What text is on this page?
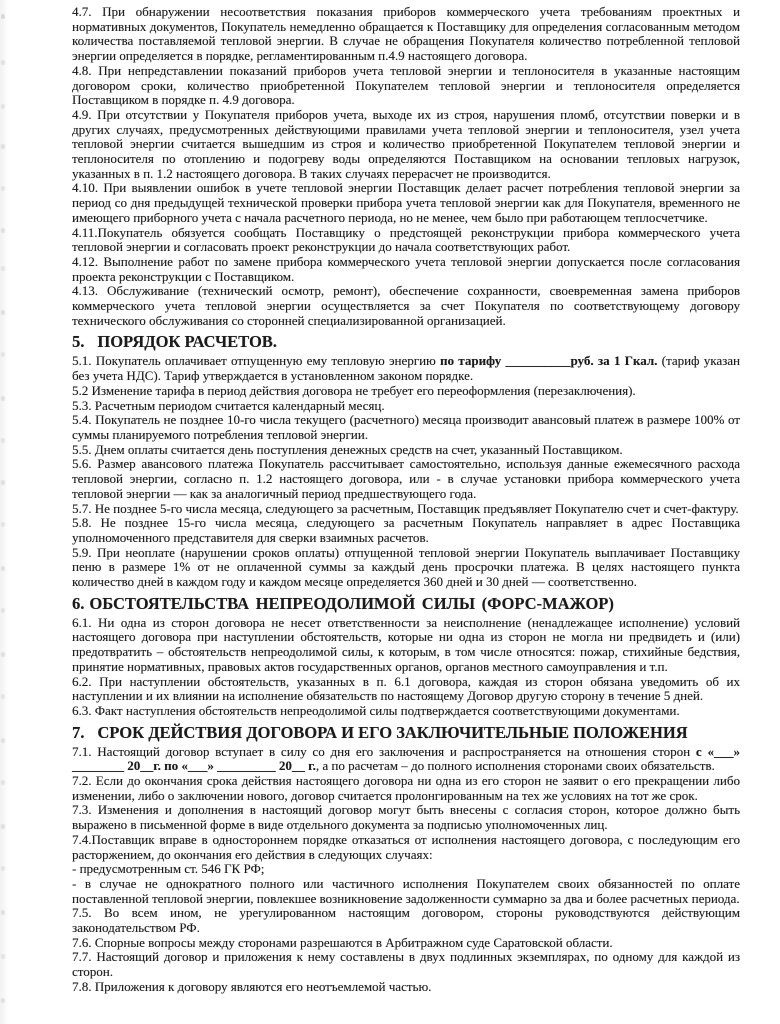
4.7. При обнаружении несоответствия показания приборов коммерческого учета требованиям проектных и нормативных документов, Покупатель немедленно обращается к Поставщику для определения согласованным методом количества поставляемой тепловой энергии. В случае не обращения Покупателя количество потребленной тепловой энергии определяется в порядке, регламентированным п.4.9 настоящего договора.

4.8. При непредставлении показаний приборов учета тепловой энергии и теплоносителя в указанные настоящим договором сроки, количество приобретенной Покупателем тепловой энергии и теплоносителя определяется Поставщиком в порядке п. 4.9 договора.

4.9. При отсутствии у Покупателя приборов учета, выходе их из строя, нарушения пломб, отсутствии поверки и в других случаях, предусмотренных действующими правилами учета тепловой энергии и теплоносителя, узел учета тепловой энергии считается вышедшим из строя и количество приобретенной Покупателем тепловой энергии и теплоносителя по отоплению и подогреву воды определяются Поставщиком на основании тепловых нагрузок, указанных в п. 1.2 настоящего договора. В таких случаях перерасчет не производится.

4.10. При выявлении ошибок в учете тепловой энергии Поставщик делает расчет потребления тепловой энергии за период со дня предыдущей технической проверки прибора учета тепловой энергии как для Покупателя, временного не имеющего приборного учета с начала расчетного периода, но не менее, чем было при работающем теплосчетчике.

4.11.Покупатель обязуется сообщать Поставщику о предстоящей реконструкции прибора коммерческого учета тепловой энергии и согласовать проект реконструкции до начала соответствующих работ.

4.12. Выполнение работ по замене прибора коммерческого учета тепловой энергии допускается после согласования проекта реконструкции с Поставщиком.

4.13. Обслуживание (технический осмотр, ремонт), обеспечение сохранности, своевременная замена приборов коммерческого учета тепловой энергии осуществляется за счет Покупателя по соответствующему договору технического обслуживания со сторонней специализированной организацией.

5. ПОРЯДОК РАСЧЕТОВ.

5.1. Покупатель оплачивает отпущенную ему тепловую энергию по тарифу __________руб. за 1 Гкал. (тариф указан без учета НДС). Тариф утверждается в установленном законом порядке.

5.2 Изменение тарифа в период действия договора не требует его переоформления (перезаключения).

5.3. Расчетным периодом считается календарный месяц.

5.4. Покупатель не позднее 10-го числа текущего (расчетного) месяца производит авансовый платеж в размере 100% от суммы планируемого потребления тепловой энергии.

5.5. Днем оплаты считается день поступления денежных средств на счет, указанный Поставщиком.

5.6. Размер авансового платежа Покупатель рассчитывает самостоятельно, используя данные ежемесячного расхода тепловой энергии, согласно п. 1.2 настоящего договора, или - в случае установки прибора коммерческого учета тепловой энергии — как за аналогичный период предшествующего года.

5.7. Не позднее 5-го числа месяца, следующего за расчетным, Поставщик предъявляет Покупателю счет и счет-фактуру.

5.8. Не позднее 15-го числа месяца, следующего за расчетным Покупатель направляет в адрес Поставщика уполномоченного представителя для сверки взаимных расчетов.

5.9. При неоплате (нарушении сроков оплаты) отпущенной тепловой энергии Покупатель выплачивает Поставщику пеню в размере 1% от не оплаченной суммы за каждый день просрочки платежа. В целях настоящего пункта количество дней в каждом году и каждом месяце определяется 360 дней и 30 дней — соответственно.

6. ОБСТОЯТЕЛЬСТВА НЕПРЕОДОЛИМОЙ СИЛЫ (ФОРС-МАЖОР)

6.1. Ни одна из сторон договора не несет ответственности за неисполнение (ненадлежащее исполнение) условий настоящего договора при наступлении обстоятельств, которые ни одна из сторон не могла ни предвидеть и (или) предотвратить – обстоятельств непреодолимой силы, к которым, в том числе относятся: пожар, стихийные бедствия, принятие нормативных, правовых актов государственных органов, органов местного самоуправления и т.п.

6.2. При наступлении обстоятельств, указанных в п. 6.1 договора, каждая из сторон обязана уведомить об их наступлении и их влиянии на исполнение обязательств по настоящему Договор другую сторону в течение 5 дней.

6.3. Факт наступления обстоятельств непреодолимой силы подтверждается соответствующими документами.

7. СРОК ДЕЙСТВИЯ ДОГОВОРА И ЕГО ЗАКЛЮЧИТЕЛЬНЫЕ ПОЛОЖЕНИЯ

7.1. Настоящий договор вступает в силу со дня его заключения и распространяется на отношения сторон с «___» ________ 20__г. по «___» _________ 20__ г., а по расчетам – до полного исполнения сторонами своих обязательств.

7.2. Если до окончания срока действия настоящего договора ни одна из его сторон не заявит о его прекращении либо изменении, либо о заключении нового, договор считается пролонгированным на тех же условиях на тот же срок.

7.3. Изменения и дополнения в настоящий договор могут быть внесены с согласия сторон, которое должно быть выражено в письменной форме в виде отдельного документа за подписью уполномоченных лиц.

7.4.Поставщик вправе в одностороннем порядке отказаться от исполнения настоящего договора, с последующим его расторжением, до окончания его действия в следующих случаях:

- предусмотренным ст. 546 ГК РФ;

- в случае не однократного полного или частичного исполнения Покупателем своих обязанностей по оплате поставленной тепловой энергии, повлекшее возникновение задолженности суммарно за два и более расчетных периода.

7.5. Во всем ином, не урегулированном настоящим договором, стороны руководствуются действующим законодательством РФ.

7.6. Спорные вопросы между сторонами разрешаются в Арбитражном суде Саратовской области.

7.7. Настоящий договор и приложения к нему составлены в двух подлинных экземплярах, по одному для каждой из сторон.

7.8. Приложения к договору являются его неотъемлемой частью.
